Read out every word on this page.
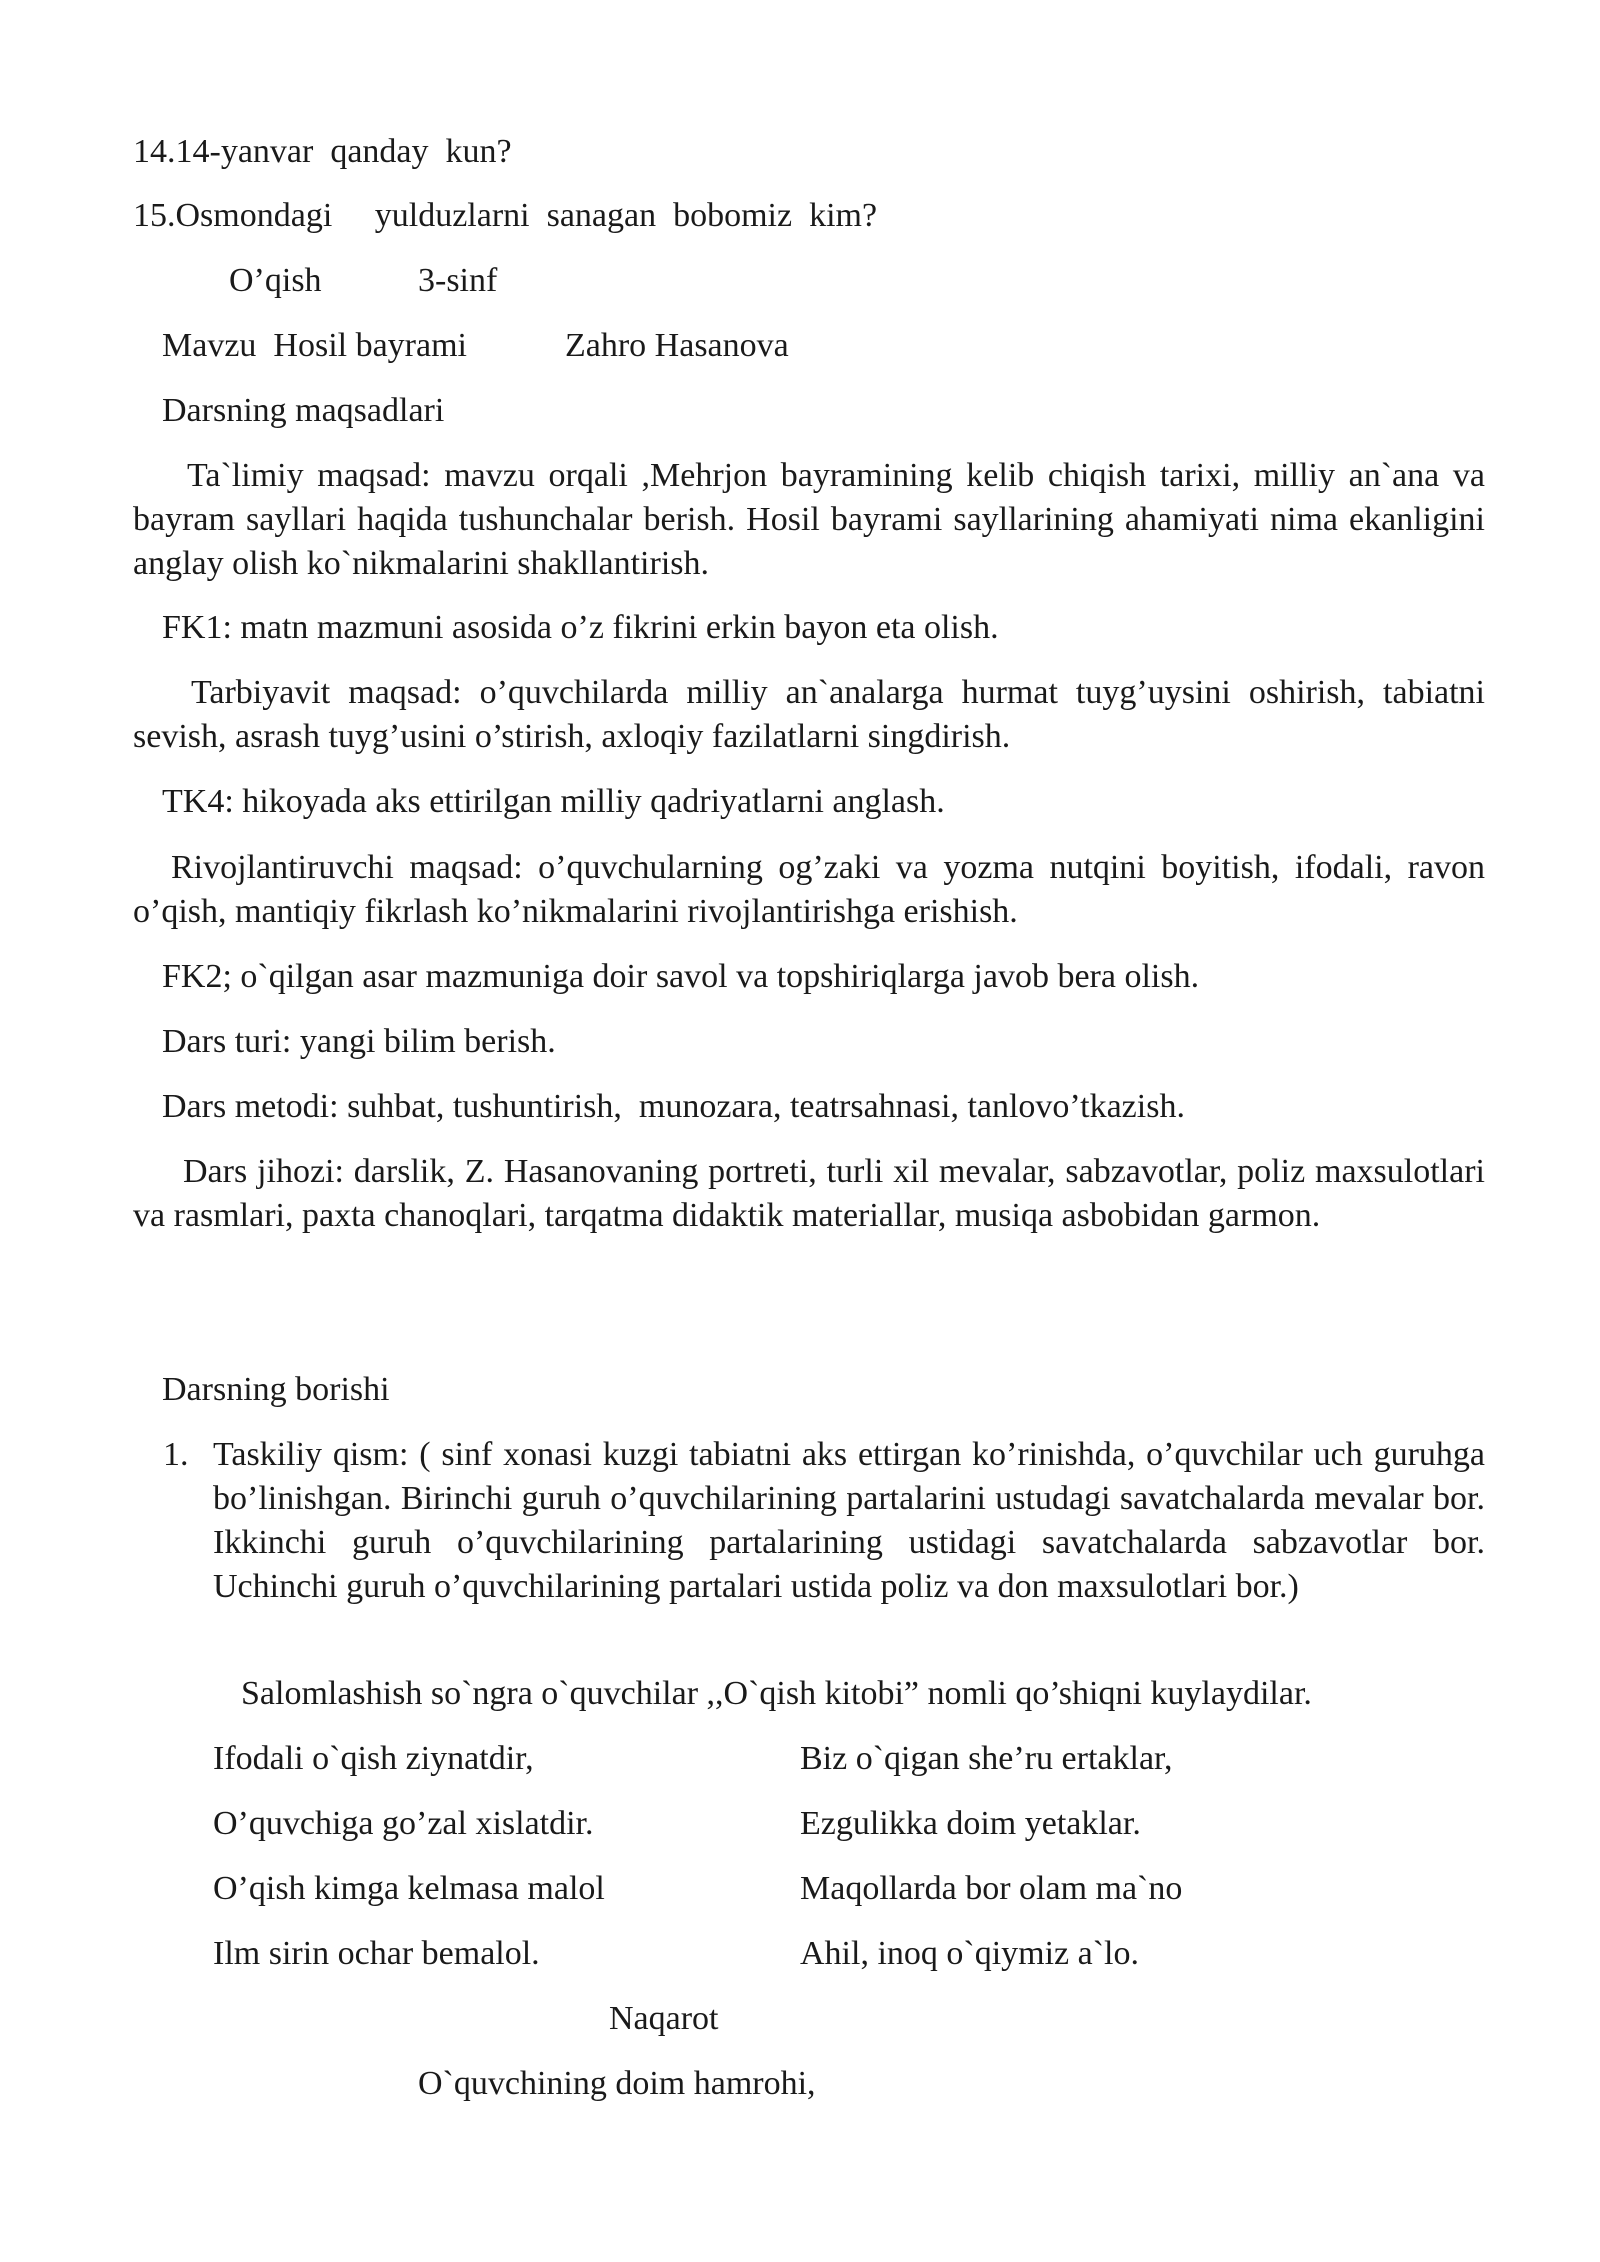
14.14-yanvar  qanday  kun?
15.Osmondagi     yulduzlarni  sanagan  bobomiz  kim?
O’qish	3-sinf
Mavzu  Hosil bayrami	Zahro Hasanova
Darsning maqsadlari
Ta`limiy maqsad: mavzu orqali ,Mehrjon bayramining kelib chiqish tarixi, milliy an`ana va bayram sayllari haqida tushunchalar berish. Hosil bayrami sayllarining ahamiyati nima ekanligini anglay olish ko`nikmalarini shakllantirish.
FK1: matn mazmuni asosida o’z fikrini erkin bayon eta olish.
Tarbiyavit maqsad: o’quvchilarda milliy an`analarga hurmat tuyg’uysini oshirish, tabiatni sevish, asrash tuyg’usini o’stirish, axloqiy fazilatlarni singdirish.
TK4: hikoyada aks ettirilgan milliy qadriyatlarni anglash.
Rivojlantiruvchi maqsad: o’quvchularning og’zaki va yozma nutqini boyitish, ifodali, ravon o’qish, mantiqiy fikrlash ko’nikmalarini rivojlantirishga erishish.
FK2; o`qilgan asar mazmuniga doir savol va topshiriqlarga javob bera olish.
Dars turi: yangi bilim berish.
Dars metodi: suhbat, tushuntirish,  munozara, teatrsahnasi, tanlovo’tkazish.
Dars jihozi: darslik, Z. Hasanovaning portreti, turli xil mevalar, sabzavotlar, poliz maxsulotlari va rasmlari, paxta chanoqlari, tarqatma didaktik materiallar, musiqa asbobidan garmon.
Darsning borishi
1. Taskiliy qism: ( sinf xonasi kuzgi tabiatni aks ettirgan ko’rinishda, o’quvchilar uch guruhga bo’linishgan. Birinchi guruh o’quvchilarining partalarini ustudagi savatchalarda mevalar bor. Ikkinchi guruh o’quvchilarining partalarining ustidagi savatchalarda sabzavotlar bor. Uchinchi guruh o’quvchilarining partalari ustida poliz va don maxsulotlari bor.)
Salomlashish so`ngra o`quvchilar ,,O`qish kitobi” nomli qo’shiqni kuylaydilar.
Ifodali o`qish ziynatdir,	Biz o`qigan she’ru ertaklar,
O’quvchiga go’zal xislatdir.	Ezgulikka doim yetaklar.
O’qish kimga kelmasa malol	Maqollarda bor olam ma`no
Ilm sirin ochar bemalol.	Ahil, inoq o`qiymiz a`lo.
Naqarot
O`quvchining doim hamrohi,
